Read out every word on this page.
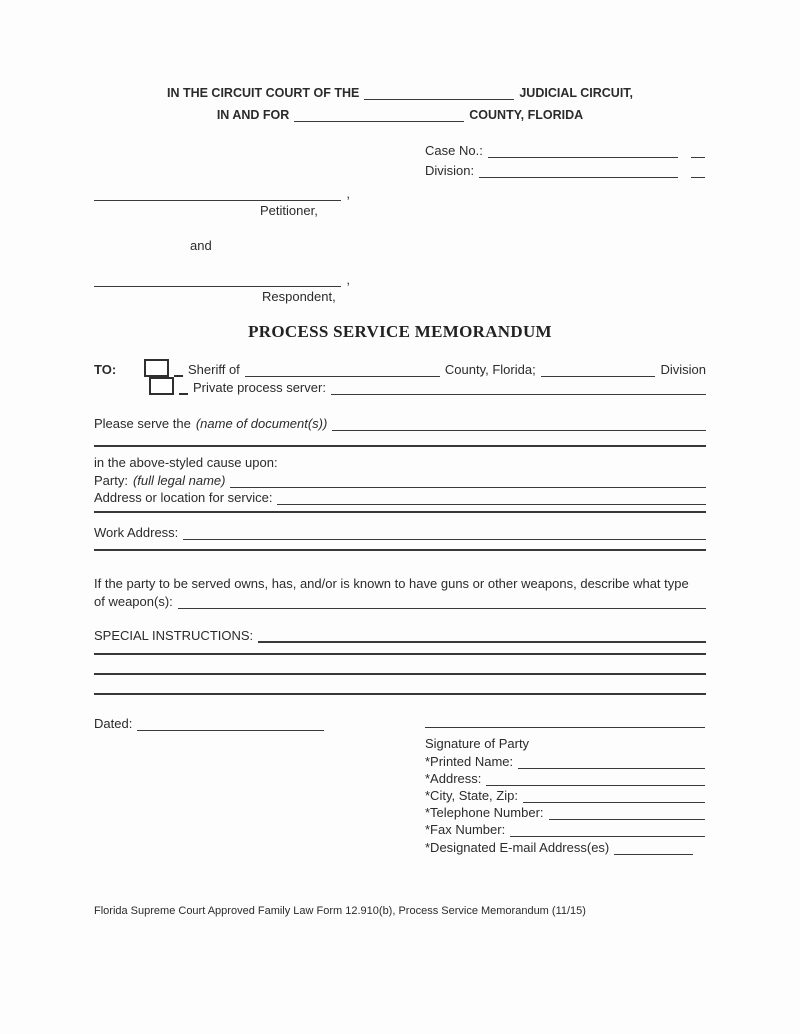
IN THE CIRCUIT COURT OF THE	JUDICIAL CIRCUIT,
IN AND FOR	COUNTY, FLORIDA
Case No.:
Division:
,
Petitioner,
and
,
Respondent,
PROCESS SERVICE MEMORANDUM
TO:	Sheriff of	County, Florida;	Division
Private process server:
Please serve the (name of document(s))
in the above-styled cause upon:
Party: (full legal name)
Address or location for service:
Work Address:
If the party to be served owns, has, and/or is known to have guns or other weapons, describe what type
of weapon(s):
SPECIAL INSTRUCTIONS:
Dated:
Signature of Party
*Printed Name:
*Address:
*City, State, Zip:
*Telephone Number:
*Fax Number:
*Designated E-mail Address(es)
Florida Supreme Court Approved Family Law Form 12.910(b), Process Service Memorandum (11/15)
